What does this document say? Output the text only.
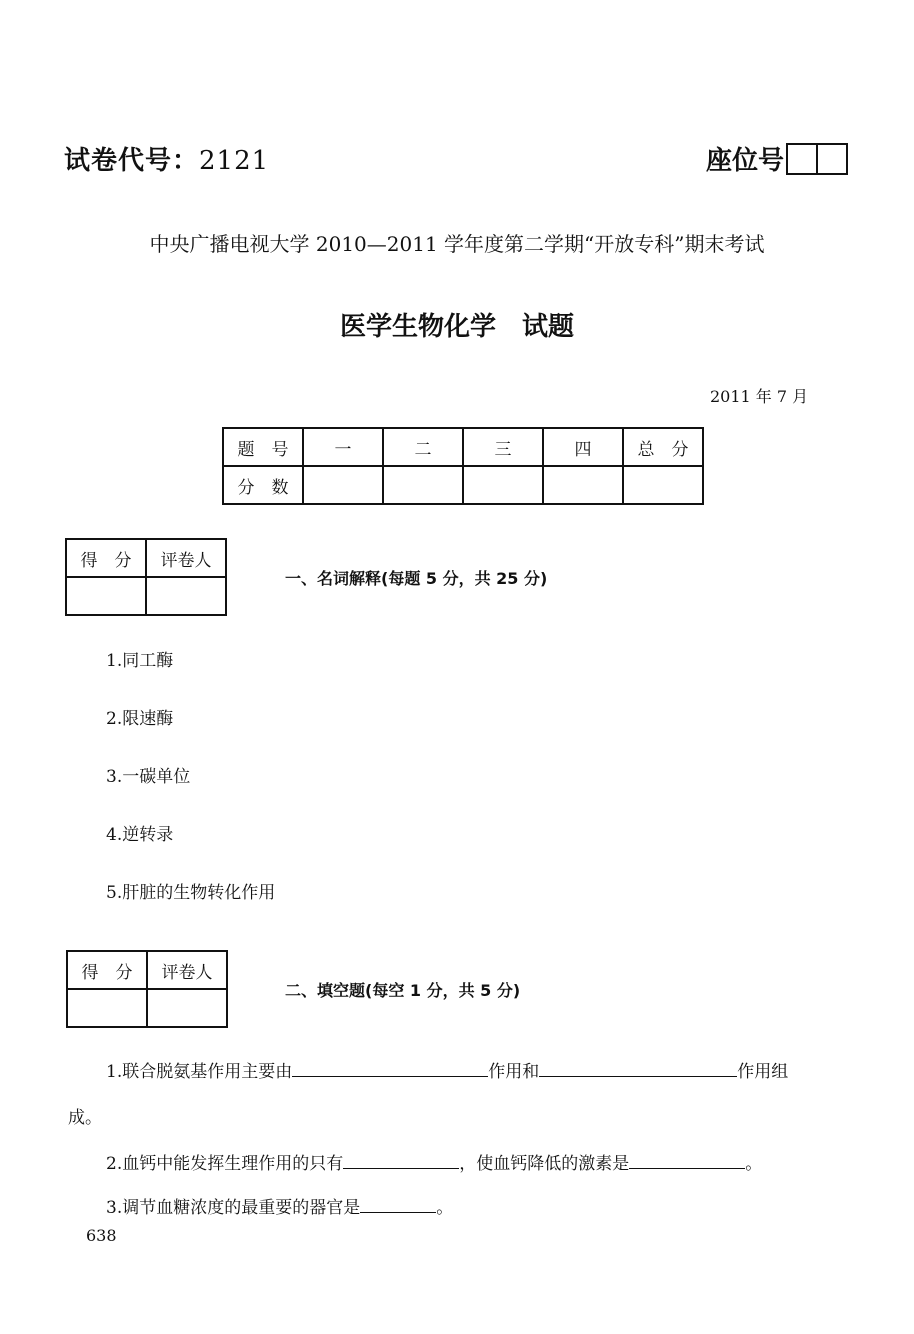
试卷代号：2121	座位号
中央广播电视大学 2010—2011 学年度第二学期“开放专科”期末考试
医学生物化学　试题
2011 年 7 月
题　号	一	二	三	四	总　分
分　数					
得　分	评卷人

一、名词解释(每题 5 分，共 25 分)
1.同工酶
2.限速酶
3.一碳单位
4.逆转录
5.肝脏的生物转化作用
得　分	评卷人

二、填空题(每空 1 分，共 5 分)
1.联合脱氨基作用主要由	作用和	作用组
成。
2.血钙中能发挥生理作用的只有	，使血钙降低的激素是	。
3.调节血糖浓度的最重要的器官是	。
638
